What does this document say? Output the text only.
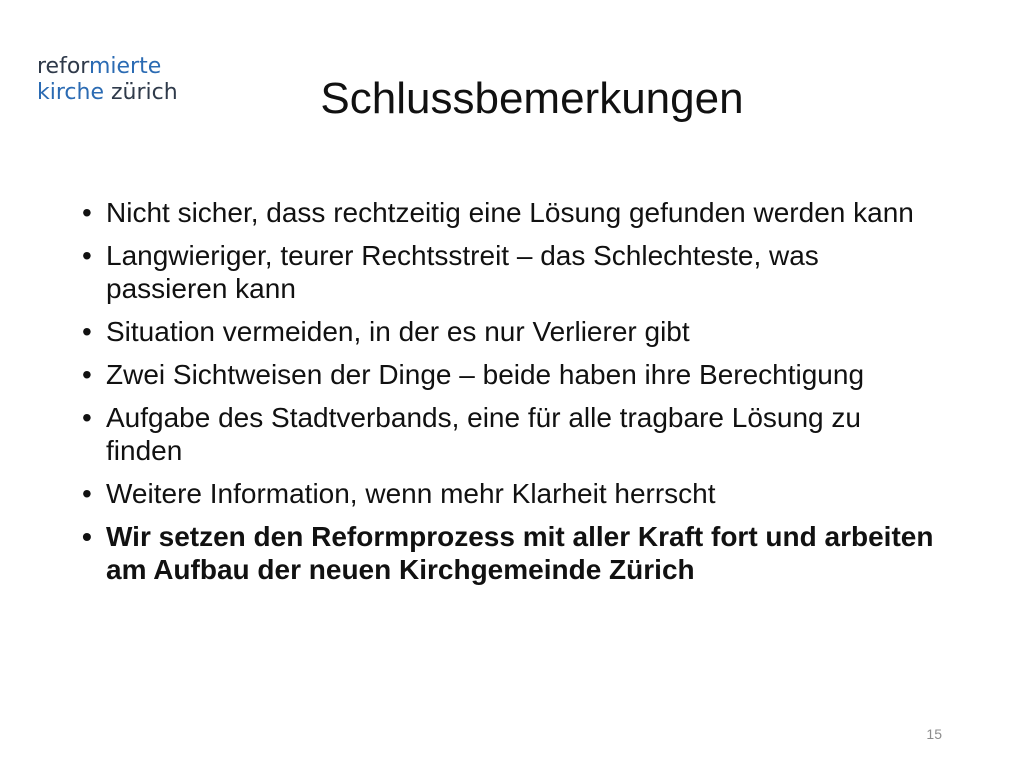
reformierte
kirche zürich	Schlussbemerkungen
• Nicht sicher, dass rechtzeitig eine Lösung gefunden werden kann
• Langwieriger, teurer Rechtsstreit – das Schlechteste, was passieren kann
• Situation vermeiden, in der es nur Verlierer gibt
• Zwei Sichtweisen der Dinge – beide haben ihre Berechtigung
• Aufgabe des Stadtverbands, eine für alle tragbare Lösung zu finden
• Weitere Information, wenn mehr Klarheit herrscht
• Wir setzen den Reformprozess mit aller Kraft fort und arbeiten am Aufbau der neuen Kirchgemeinde Zürich
15
